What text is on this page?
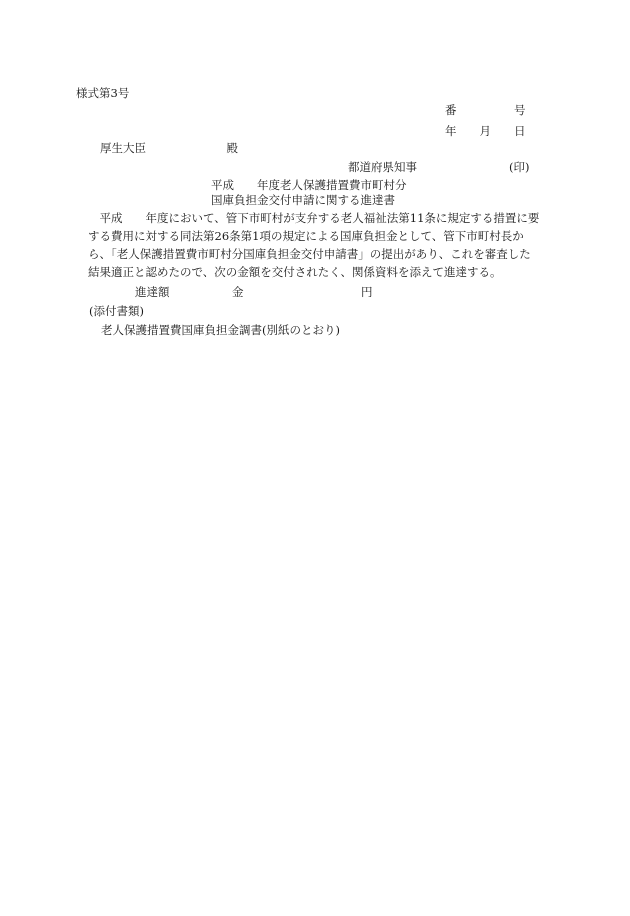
様式第3号
番　　　　　号
年　　月　　日
厚生大臣　　　　　　　殿
都道府県知事　　　　　　　　(印)
平成　　年度老人保護措置費市町村分
国庫負担金交付申請に関する進達書
　平成　　年度において、管下市町村が支弁する老人福祉法第11条に規定する措置に要
する費用に対する同法第26条第1項の規定による国庫負担金として、管下市町村長か
ら、「老人保護措置費市町村分国庫負担金交付申請書」の提出があり、これを審査した
結果適正と認めたので、次の金額を交付されたく、関係資料を添えて進達する。
進達額	金	円
(添付書類)
老人保護措置費国庫負担金調書(別紙のとおり)
